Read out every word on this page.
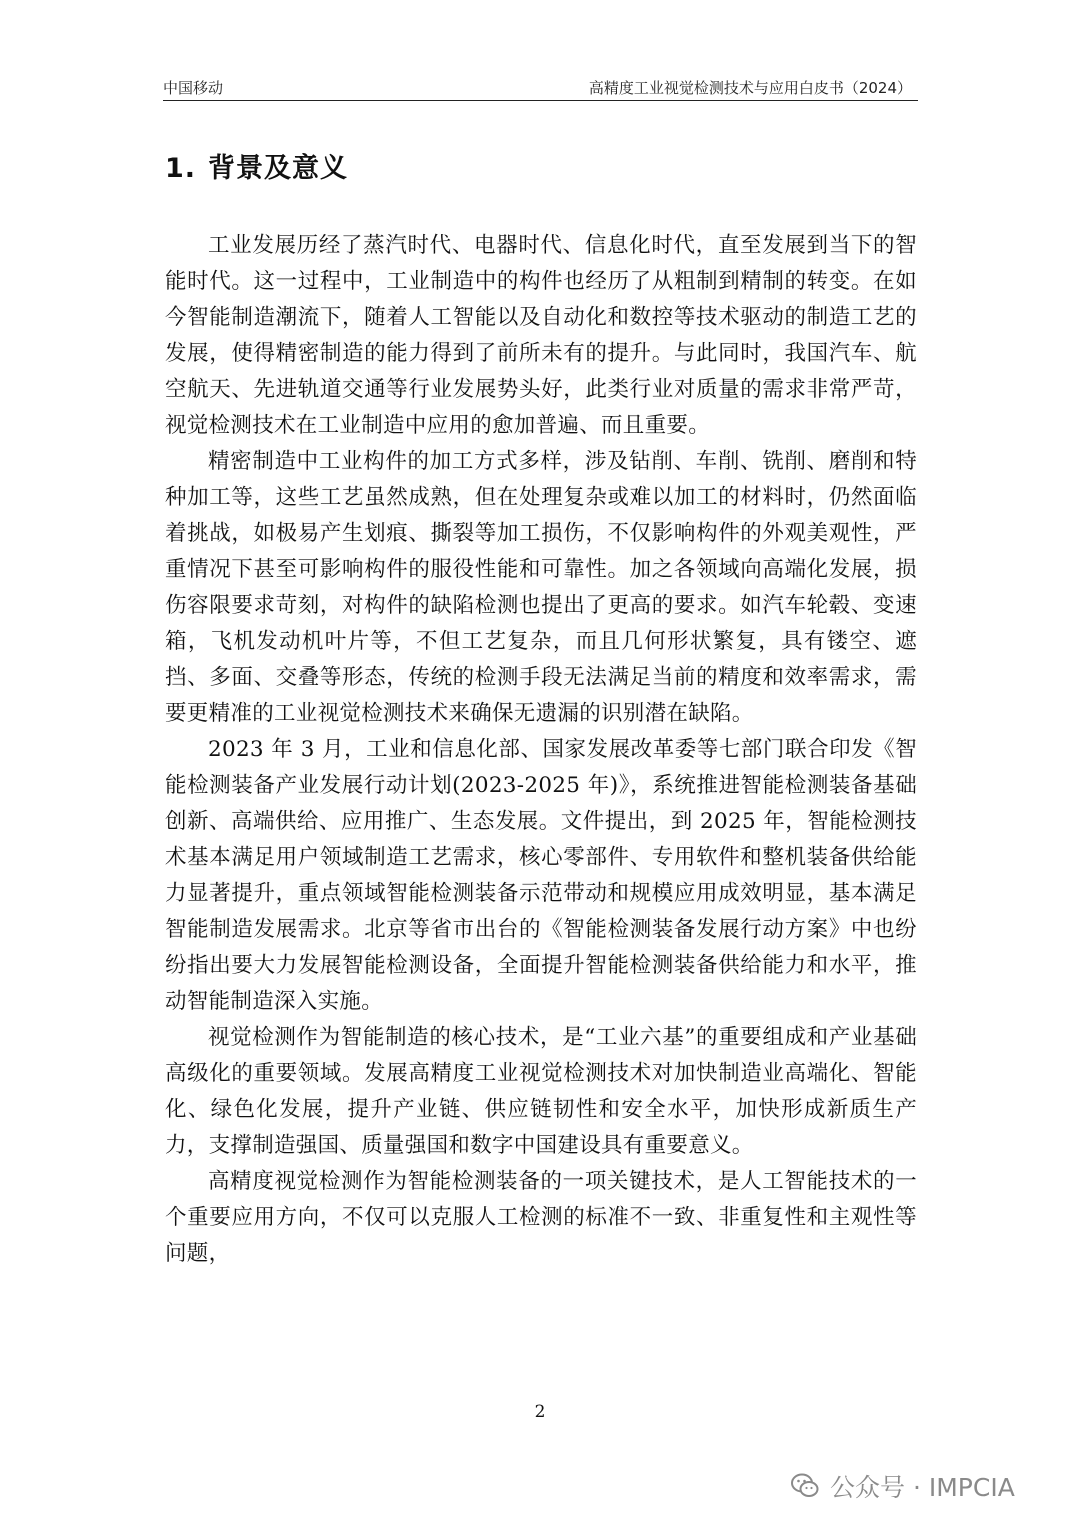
中国移动	高精度工业视觉检测技术与应用白皮书（2024）
1. 背景及意义

工业发展历经了蒸汽时代、电器时代、信息化时代，直至发展到当下的智能时代。这一过程中，工业制造中的构件也经历了从粗制到精制的转变。在如今智能制造潮流下，随着人工智能以及自动化和数控等技术驱动的制造工艺的发展，使得精密制造的能力得到了前所未有的提升。与此同时，我国汽车、航空航天、先进轨道交通等行业发展势头好，此类行业对质量的需求非常严苛，视觉检测技术在工业制造中应用的愈加普遍、而且重要。

精密制造中工业构件的加工方式多样，涉及钻削、车削、铣削、磨削和特种加工等，这些工艺虽然成熟，但在处理复杂或难以加工的材料时，仍然面临着挑战，如极易产生划痕、撕裂等加工损伤，不仅影响构件的外观美观性，严重情况下甚至可影响构件的服役性能和可靠性。加之各领域向高端化发展，损伤容限要求苛刻，对构件的缺陷检测也提出了更高的要求。如汽车轮毂、变速箱，飞机发动机叶片等，不但工艺复杂，而且几何形状繁复，具有镂空、遮挡、多面、交叠等形态，传统的检测手段无法满足当前的精度和效率需求，需要更精准的工业视觉检测技术来确保无遗漏的识别潜在缺陷。

2023 年 3 月，工业和信息化部、国家发展改革委等七部门联合印发《智能检测装备产业发展行动计划(2023-2025 年)》，系统推进智能检测装备基础创新、高端供给、应用推广、生态发展。文件提出，到 2025 年，智能检测技术基本满足用户领域制造工艺需求，核心零部件、专用软件和整机装备供给能力显著提升，重点领域智能检测装备示范带动和规模应用成效明显，基本满足智能制造发展需求。北京等省市出台的《智能检测装备发展行动方案》中也纷纷指出要大力发展智能检测设备，全面提升智能检测装备供给能力和水平，推动智能制造深入实施。

视觉检测作为智能制造的核心技术，是“工业六基”的重要组成和产业基础高级化的重要领域。发展高精度工业视觉检测技术对加快制造业高端化、智能化、绿色化发展，提升产业链、供应链韧性和安全水平，加快形成新质生产力，支撑制造强国、质量强国和数字中国建设具有重要意义。

高精度视觉检测作为智能检测装备的一项关键技术，是人工智能技术的一个重要应用方向，不仅可以克服人工检测的标准不一致、非重复性和主观性等问题，

2
公众号 · IMPCIA
